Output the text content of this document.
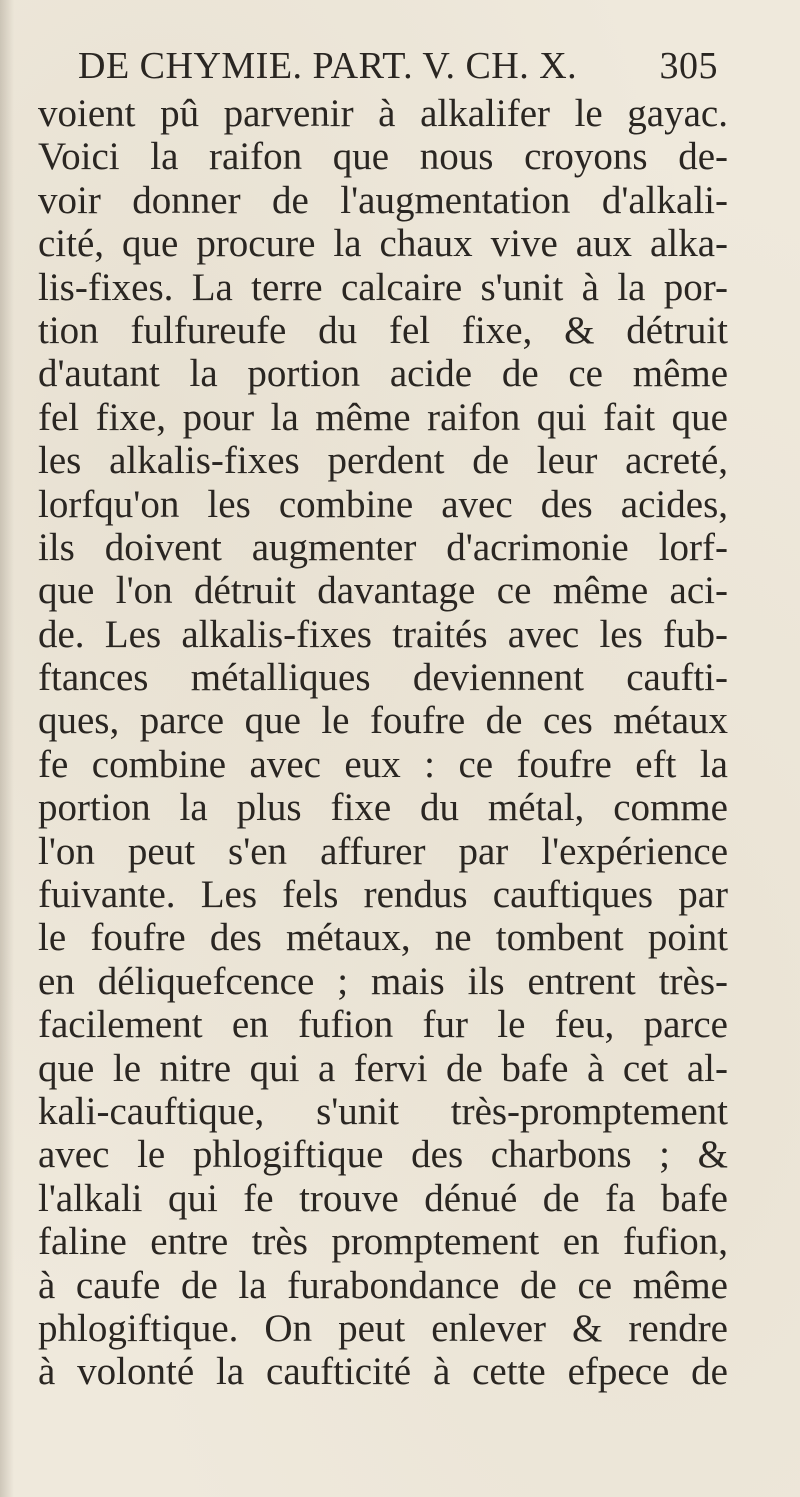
DE CHYMIE. PART. V. CH. X. 305
voient pû parvenir à alkalifer le gayac.
Voici la raifon que nous croyons de-
voir donner de l'augmentation d'alkali-
cité, que procure la chaux vive aux alka-
lis-fixes. La terre calcaire s'unit à la por-
tion fulfureufe du fel fixe, & détruit
d'autant la portion acide de ce même
fel fixe, pour la même raifon qui fait que
les alkalis-fixes perdent de leur acreté,
lorfqu'on les combine avec des acides,
ils doivent augmenter d'acrimonie lorf-
que l'on détruit davantage ce même aci-
de. Les alkalis-fixes traités avec les fub-
ftances métalliques deviennent caufti-
ques, parce que le foufre de ces métaux
fe combine avec eux : ce foufre eft la
portion la plus fixe du métal, comme
l'on peut s'en affurer par l'expérience
fuivante. Les fels rendus cauftiques par
le foufre des métaux, ne tombent point
en déliquefcence ; mais ils entrent très-
facilement en fufion fur le feu, parce
que le nitre qui a fervi de bafe à cet al-
kali-cauftique, s'unit très-promptement
avec le phlogiftique des charbons ; &
l'alkali qui fe trouve dénué de fa bafe
faline entre très promptement en fufion,
à caufe de la furabondance de ce même
phlogiftique. On peut enlever & rendre
à volonté la caufticité à cette efpece de
